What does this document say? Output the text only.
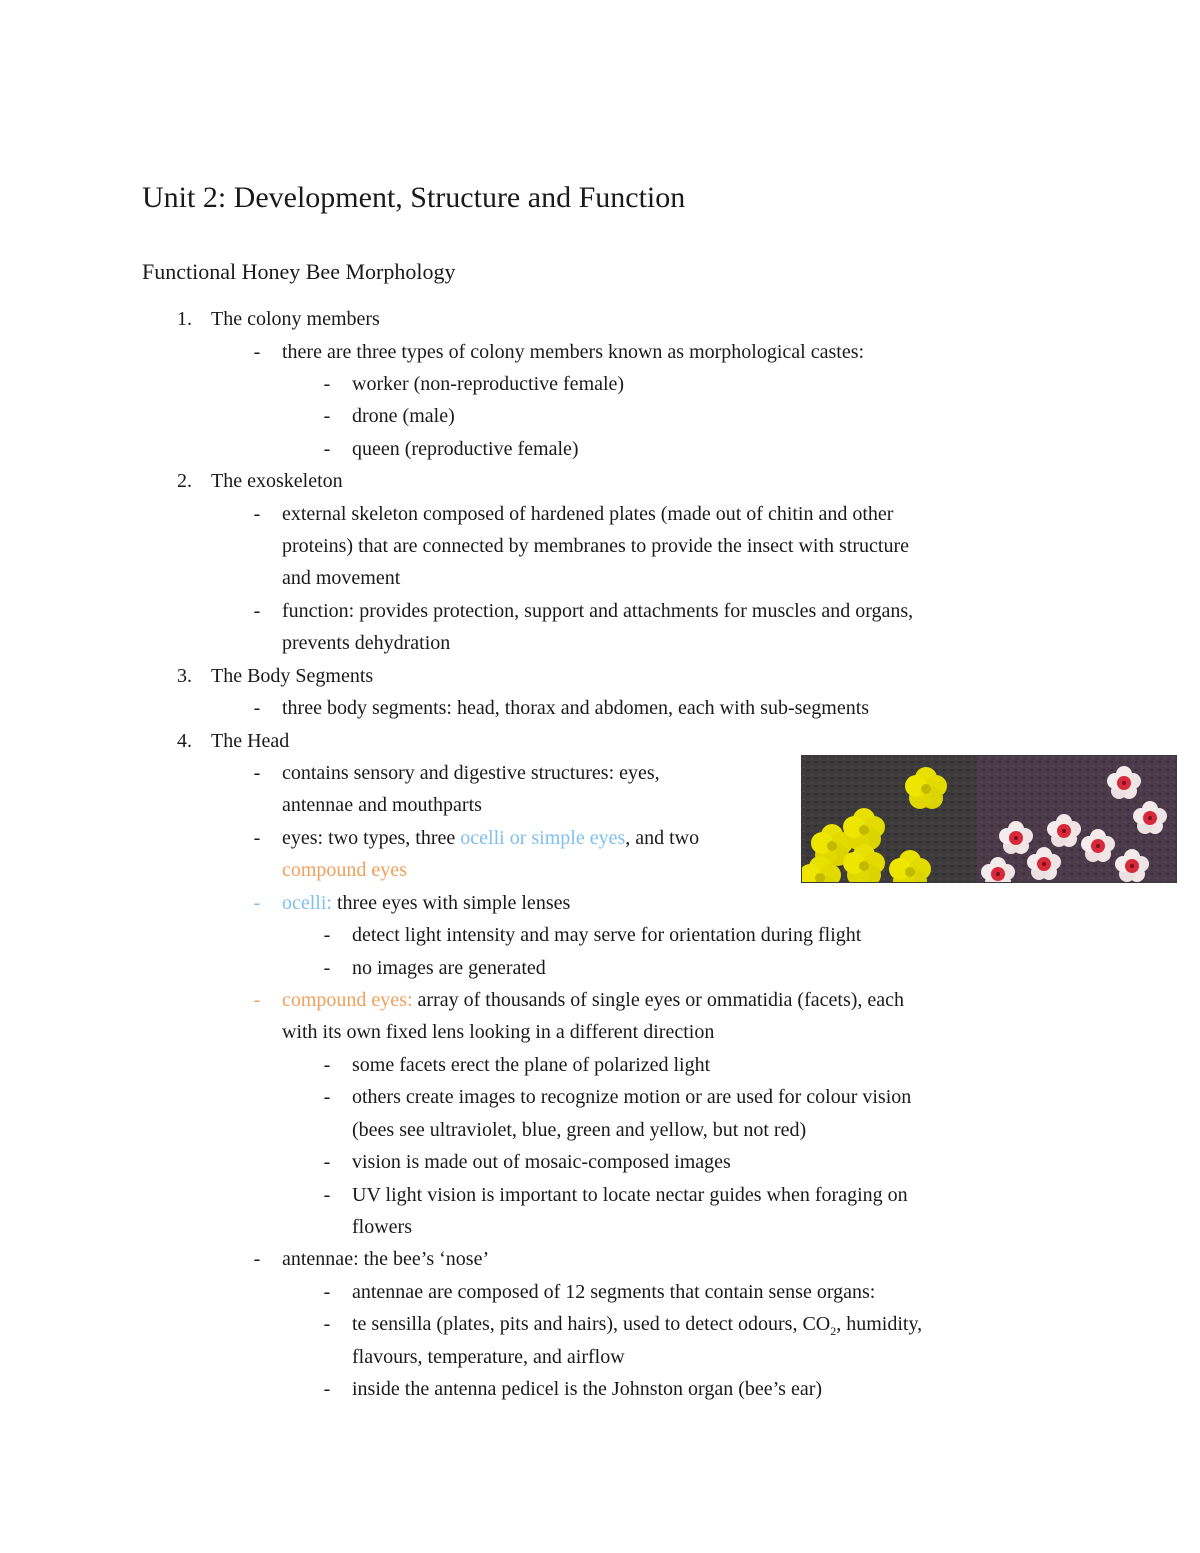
Unit 2: Development, Structure and Function
Functional Honey Bee Morphology
1. The colony members
- there are three types of colony members known as morphological castes:
- worker (non-reproductive female)
- drone (male)
- queen (reproductive female)
2. The exoskeleton
- external skeleton composed of hardened plates (made out of chitin and other
proteins) that are connected by membranes to provide the insect with structure
and movement
- function: provides protection, support and attachments for muscles and organs,
prevents dehydration
3. The Body Segments
- three body segments: head, thorax and abdomen, each with sub-segments
4. The Head
- contains sensory and digestive structures: eyes,
antennae and mouthparts
- eyes: two types, three ocelli or simple eyes, and two
compound eyes
- ocelli: three eyes with simple lenses
- detect light intensity and may serve for orientation during flight
- no images are generated
- compound eyes: array of thousands of single eyes or ommatidia (facets), each
with its own fixed lens looking in a different direction
- some facets erect the plane of polarized light
- others create images to recognize motion or are used for colour vision
(bees see ultraviolet, blue, green and yellow, but not red)
- vision is made out of mosaic-composed images
- UV light vision is important to locate nectar guides when foraging on
flowers
- antennae: the bee’s ‘nose’
- antennae are composed of 12 segments that contain sense organs:
- te sensilla (plates, pits and hairs), used to detect odours, $CO_2$, humidity,
flavours, temperature, and airflow
- inside the antenna pedicel is the Johnston organ (bee’s ear)
